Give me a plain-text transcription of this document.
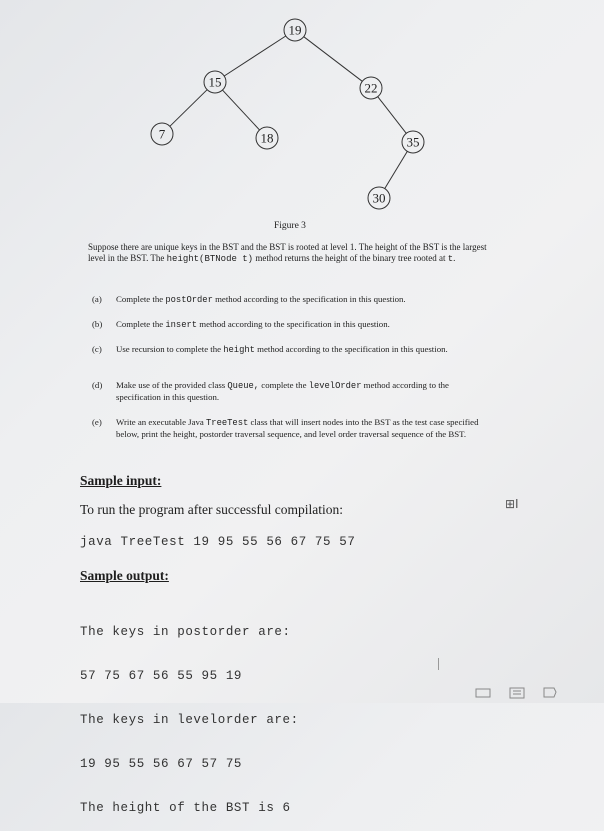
19
15	22
7	18	35
30
Figure 3
Suppose there are unique keys in the BST and the BST is rooted at level 1. The height of the BST is the largest level in the BST. The height(BTNode t) method returns the height of the binary tree rooted at t.
(a) Complete the postOrder method according to the specification in this question.
(b) Complete the insert method according to the specification in this question.
(c) Use recursion to complete the height method according to the specification in this question.
(d) Make use of the provided class Queue, complete the levelOrder method according to the specification in this question.
(e) Write an executable Java TreeTest class that will insert nodes into the BST as the test case specified below, print the height, postorder traversal sequence, and level order traversal sequence of the BST.
Sample input:
To run the program after successful compilation:
java TreeTest 19 95 55 56 67 75 57
Sample output:

The keys in postorder are:

57 75 67 56 55 95 19

The keys in levelorder are:

19 95 55 56 67 57 75

The height of the BST is 6

⊞I
